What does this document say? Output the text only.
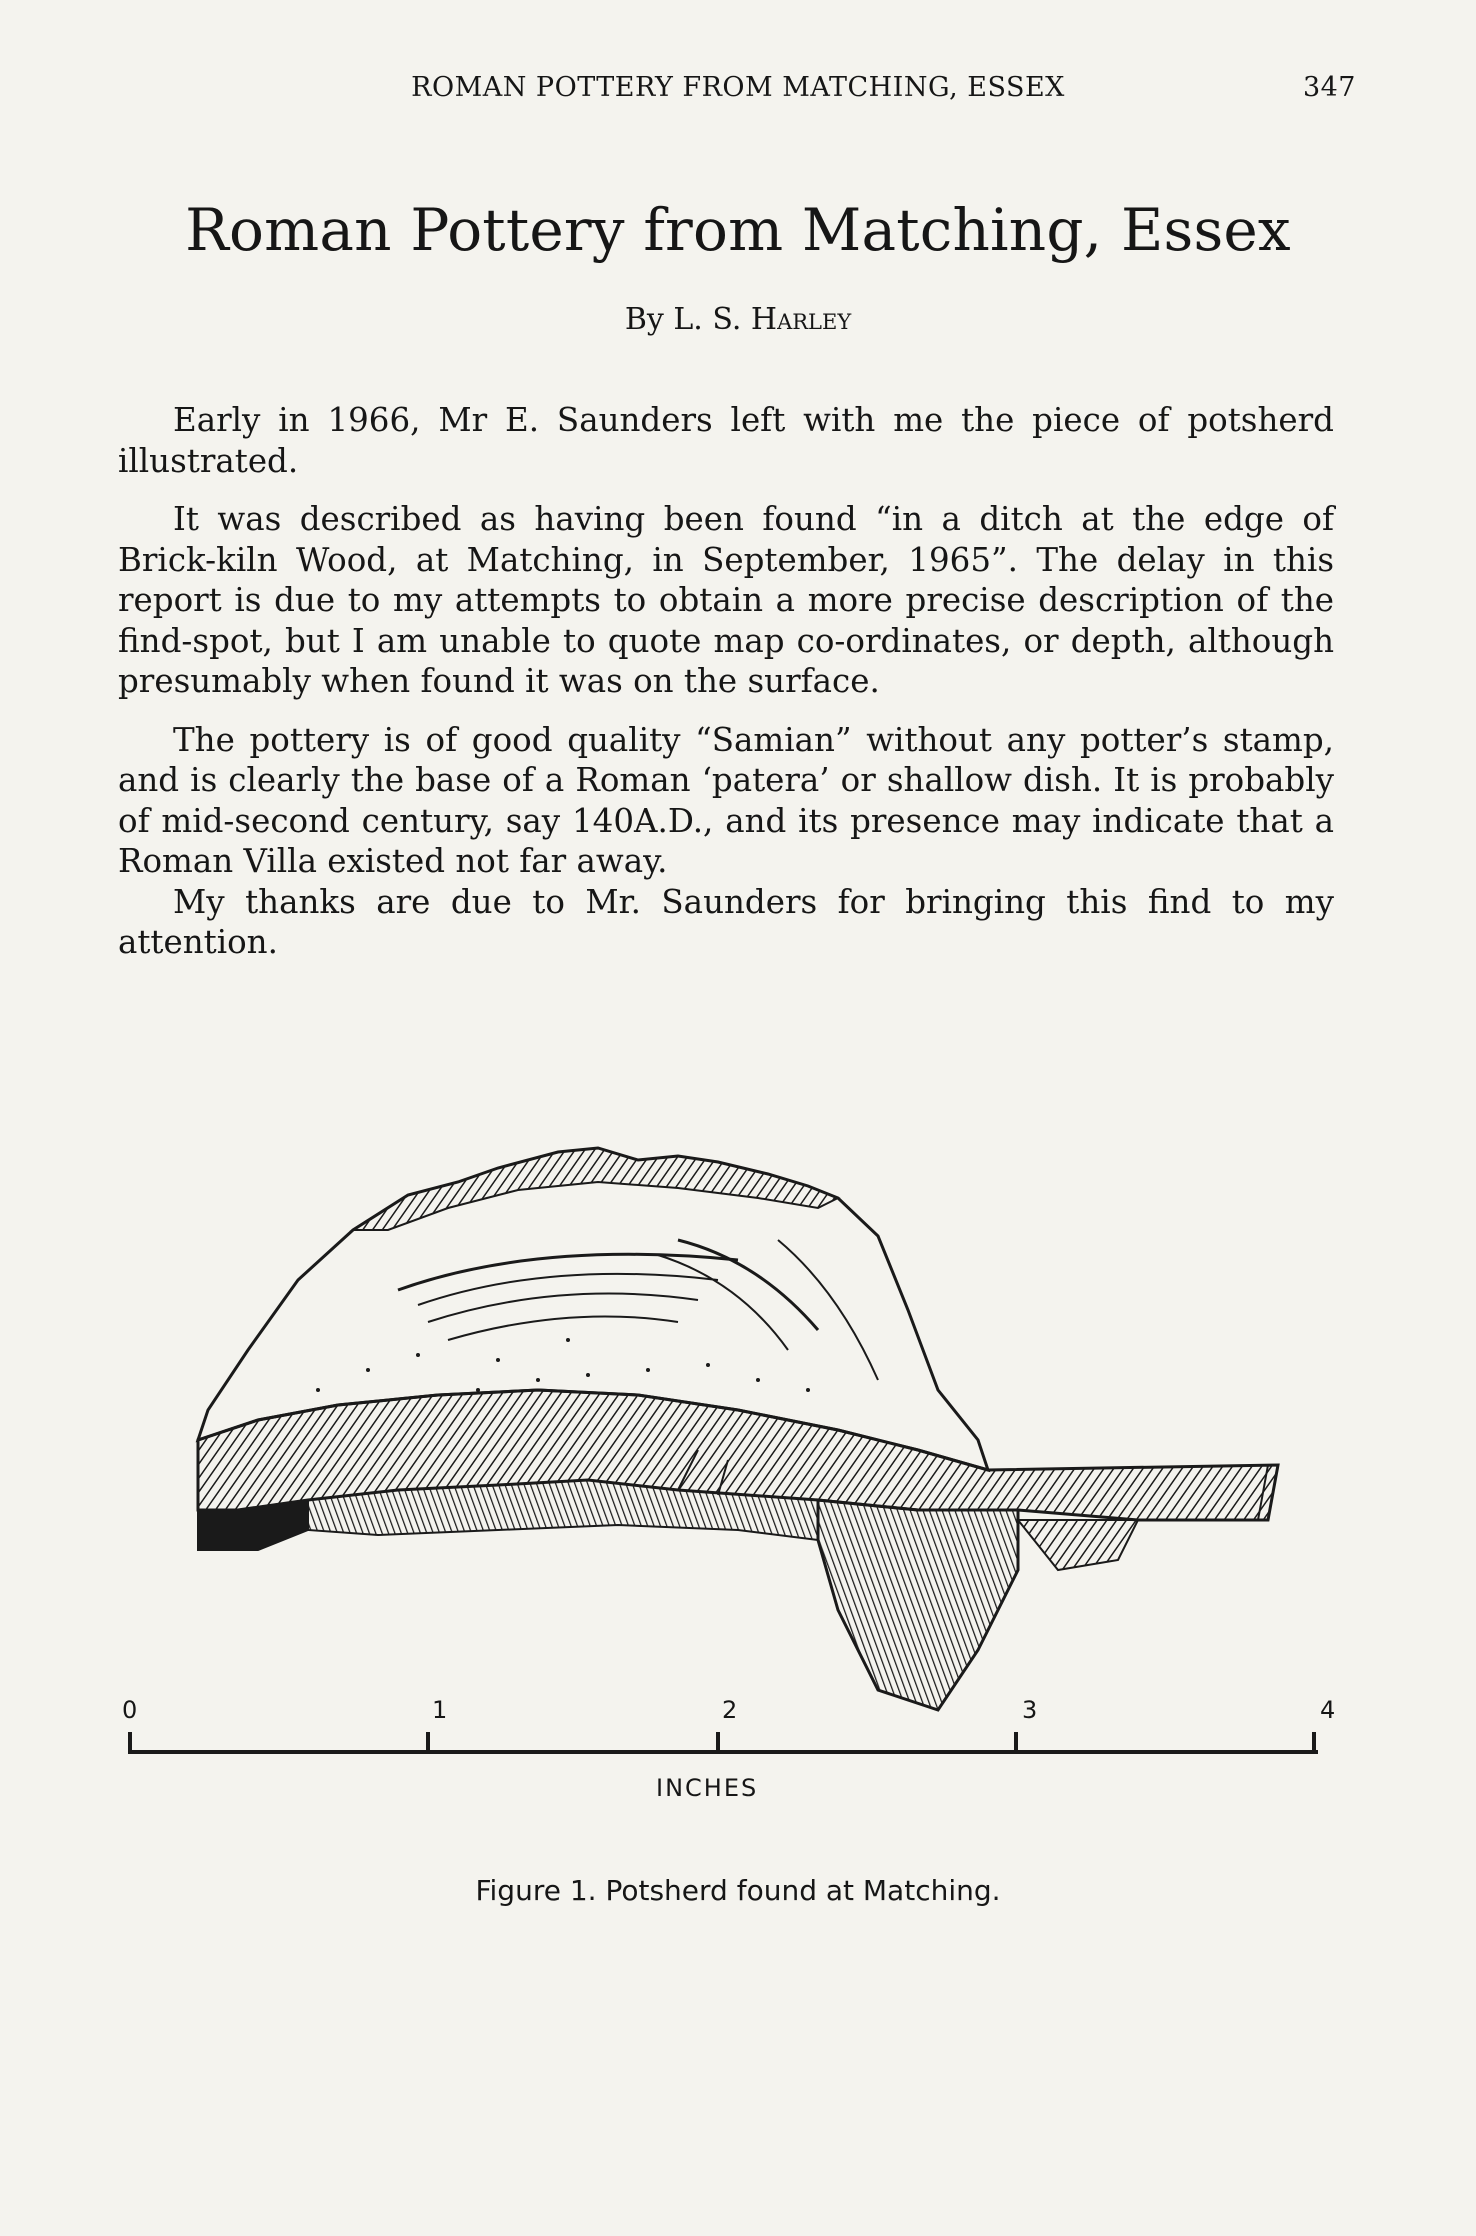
ROMAN POTTERY FROM MATCHING, ESSEX	347
Roman Pottery from Matching, Essex
By L. S. Harley

Early in 1966, Mr E. Saunders left with me the piece of potsherd illustrated.

It was described as having been found “in a ditch at the edge of Brick-kiln Wood, at Matching, in September, 1965”. The delay in this report is due to my attempts to obtain a more precise description of the find-spot, but I am unable to quote map co-ordinates, or depth, although presumably when found it was on the surface.

The pottery is of good quality “Samian” without any potter’s stamp, and is clearly the base of a Roman ‘patera’ or shallow dish. It is probably of mid-second century, say 140A.D., and its presence may indicate that a Roman Villa existed not far away.

My thanks are due to Mr. Saunders for bringing this find to my attention.

0	1	2	3	4
INCHES
Figure 1. Potsherd found at Matching.
